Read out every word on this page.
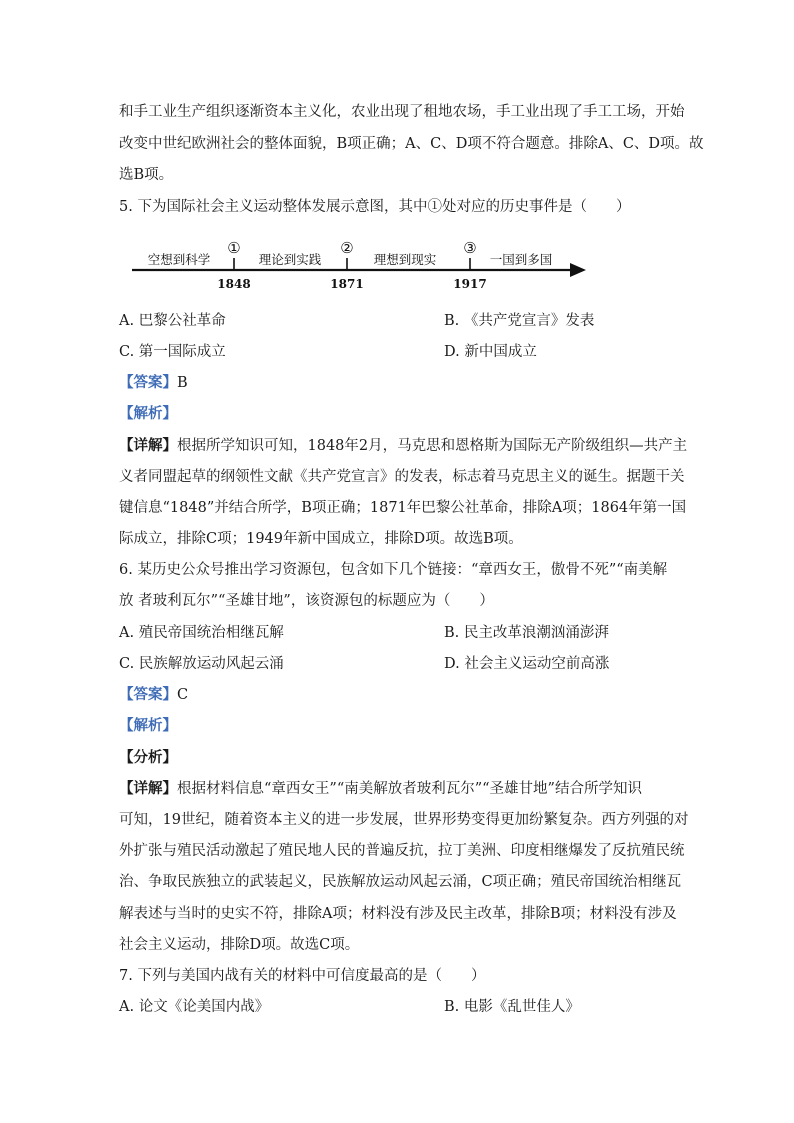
和手工业生产组织逐渐资本主义化，农业出现了租地农场，手工业出现了手工工场，开始
改变中世纪欧洲社会的整体面貌，B项正确；A、C、D项不符合题意。排除A、C、D项。故
选B项。
5. 下为国际社会主义运动整体发展示意图，其中①处对应的历史事件是（　　）
①	②	③
空想到科学	理论到实践	理想到现实	一国到多国
1848	1871	1917
A. 巴黎公社革命	B. 《共产党宣言》发表
C. 第一国际成立	D. 新中国成立
【答案】B
【解析】
【详解】根据所学知识可知，1848年2月，马克思和恩格斯为国际无产阶级组织—共产主
义者同盟起草的纲领性文献《共产党宣言》的发表，标志着马克思主义的诞生。据题干关
键信息“1848”并结合所学，B项正确；1871年巴黎公社革命，排除A项；1864年第一国
际成立，排除C项；1949年新中国成立，排除D项。故选B项。
6. 某历史公众号推出学习资源包，包含如下几个链接：“章西女王，傲骨不死”“南美解
放 者玻利瓦尔”“圣雄甘地”，该资源包的标题应为（　　）
A. 殖民帝国统治相继瓦解	B. 民主改革浪潮汹涌澎湃
C. 民族解放运动风起云涌	D. 社会主义运动空前高涨
【答案】C
【解析】
【分析】
【详解】根据材料信息“章西女王”“南美解放者玻利瓦尔”“圣雄甘地”结合所学知识
可知，19世纪，随着资本主义的进一步发展，世界形势变得更加纷繁复杂。西方列强的对
外扩张与殖民活动激起了殖民地人民的普遍反抗，拉丁美洲、印度相继爆发了反抗殖民统
治、争取民族独立的武装起义，民族解放运动风起云涌，C项正确；殖民帝国统治相继瓦
解表述与当时的史实不符，排除A项；材料没有涉及民主改革，排除B项；材料没有涉及
社会主义运动，排除D项。故选C项。
7. 下列与美国内战有关的材料中可信度最高的是（　　）
A. 论文《论美国内战》	B. 电影《乱世佳人》
